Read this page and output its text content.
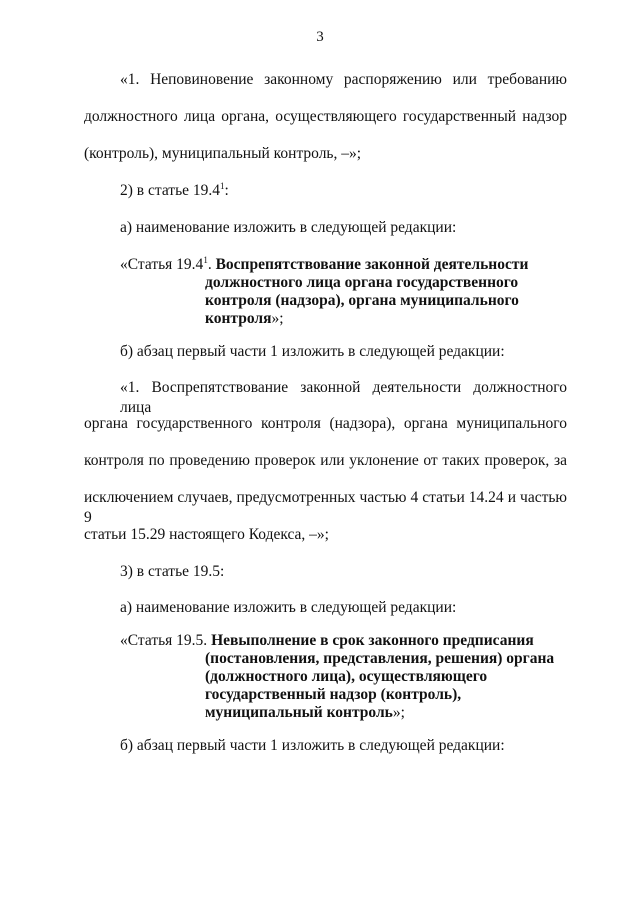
3
«1. Неповиновение законному распоряжению или требованию
должностного лица органа, осуществляющего государственный надзор
(контроль), муниципальный контроль, –»;
2) в статье 19.4$^1$:
а) наименование изложить в следующей редакции:
«Статья 19.4$^1$. Воспрепятствование законной деятельности
должностного лица органа государственного
контроля (надзора), органа муниципального
контроля»;
б) абзац первый части 1 изложить в следующей редакции:
«1. Воспрепятствование законной деятельности должностного лица
органа государственного контроля (надзора), органа муниципального
контроля по проведению проверок или уклонение от таких проверок, за
исключением случаев, предусмотренных частью 4 статьи 14.24 и частью 9
статьи 15.29 настоящего Кодекса, –»;
3) в статье 19.5:
а) наименование изложить в следующей редакции:
«Статья 19.5. Невыполнение в срок законного предписания
(постановления, представления, решения) органа
(должностного лица), осуществляющего
государственный надзор (контроль),
муниципальный контроль»;
б) абзац первый части 1 изложить в следующей редакции:
